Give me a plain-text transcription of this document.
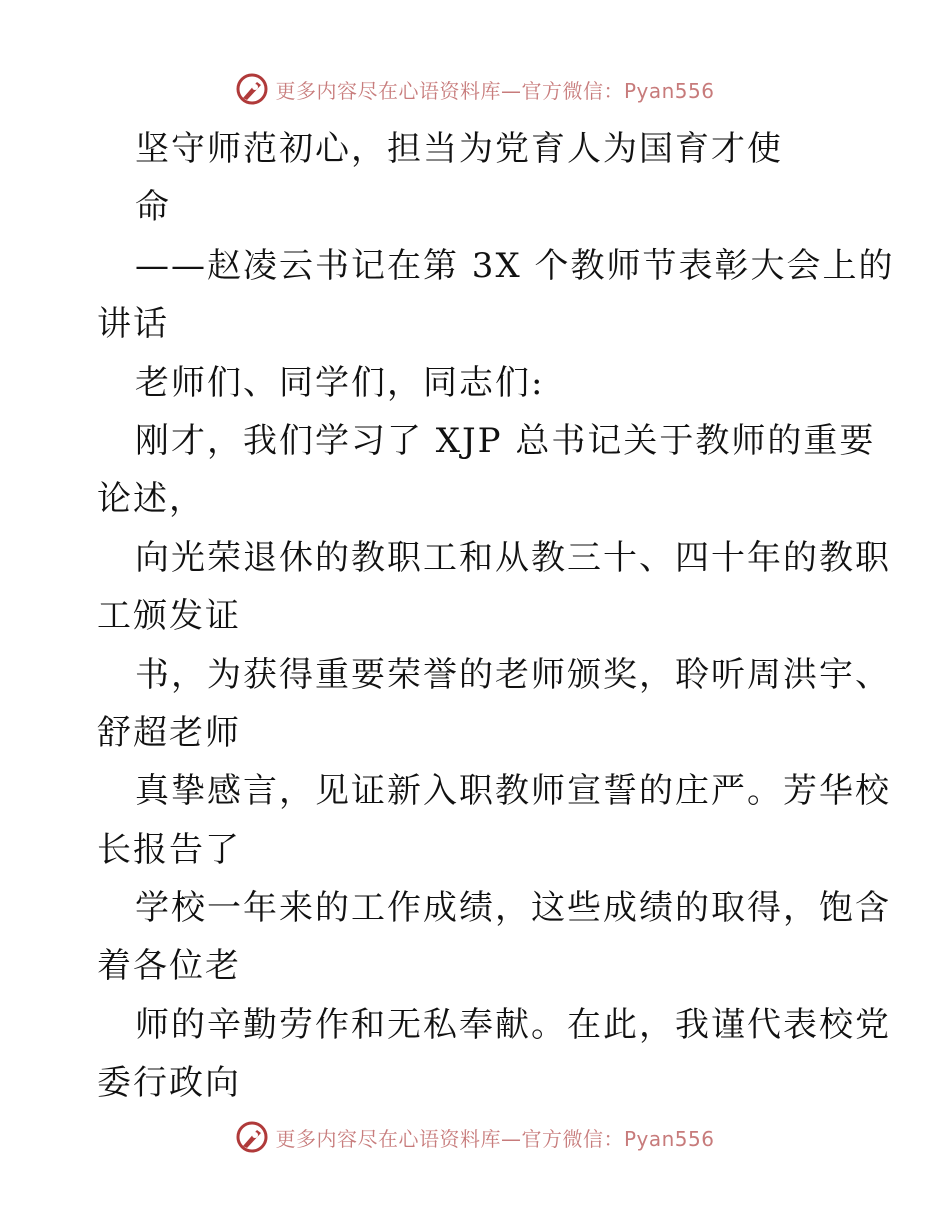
更多内容尽在心语资料库—官方微信：Pyan556
坚守师范初心，担当为党育人为国育才使
命
——赵凌云书记在第 3X 个教师节表彰大会上的
讲话
老师们、同学们，同志们:
刚才，我们学习了 XJP 总书记关于教师的重要
论述，
向光荣退休的教职工和从教三十、四十年的教职
工颁发证
书，为获得重要荣誉的老师颁奖，聆听周洪宇、
舒超老师
真挚感言，见证新入职教师宣誓的庄严。芳华校
长报告了
学校一年来的工作成绩，这些成绩的取得，饱含
着各位老
师的辛勤劳作和无私奉献。在此，我谨代表校党
委行政向
更多内容尽在心语资料库—官方微信：Pyan556
